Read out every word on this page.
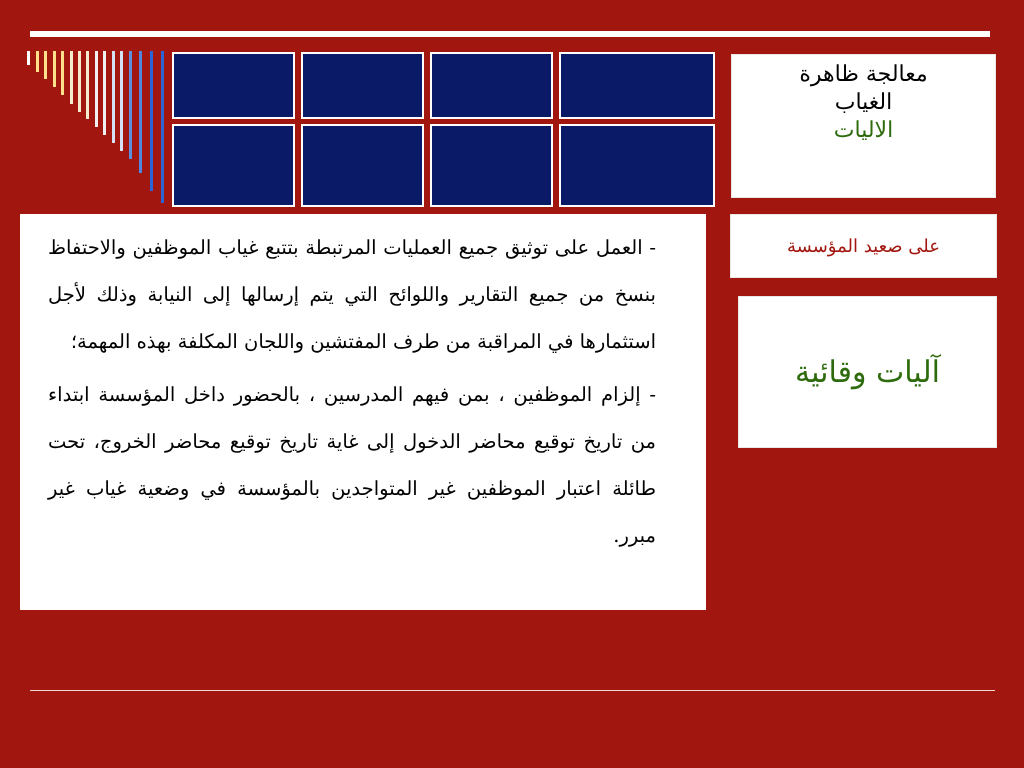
معالجة ظاهرة
الغياب
الاليات
على صعيد المؤسسة
آليات وقائية

- العمل على توثيق جميع العمليات المرتبطة بتتبع غياب الموظفين والاحتفاظ بنسخ من جميع التقارير واللوائح التي يتم إرسالها إلى النيابة وذلك لأجل استثمارها في المراقبة من طرف المفتشين واللجان المكلفة بهذه المهمة؛

- إلزام الموظفين ، بمن فيهم المدرسين ، بالحضور داخل المؤسسة ابتداء من تاريخ توقيع محاضر الدخول إلى غاية تاريخ توقيع محاضر الخروج، تحت طائلة اعتبار الموظفين غير المتواجدين بالمؤسسة في وضعية غياب غير مبرر.
